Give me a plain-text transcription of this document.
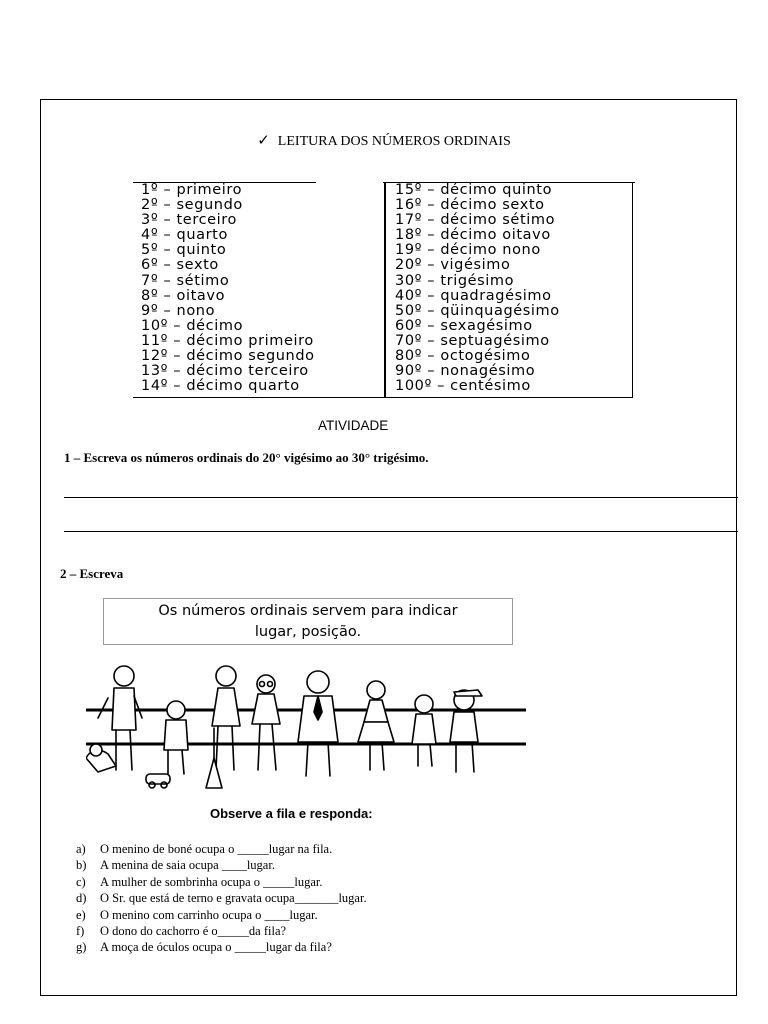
✓ LEITURA DOS NÚMEROS ORDINAIS
1º – primeiro
2º – segundo
3º – terceiro
4º – quarto
5º – quinto
6º – sexto
7º – sétimo
8º – oitavo
9º – nono
10º – décimo
11º – décimo primeiro
12º – décimo segundo
13º – décimo terceiro
14º – décimo quarto
15º – décimo quinto
16º – décimo sexto
17º – décimo sétimo
18º – décimo oitavo
19º – décimo nono
20º – vigésimo
30º – trigésimo
40º – quadragésimo
50º – qüinquagésimo
60º – sexagésimo
70º – septuagésimo
80º – octogésimo
90º – nonagésimo
100º – centésimo
ATIVIDADE
1 – Escreva os números ordinais do 20° vigésimo ao 30° trigésimo.
2 – Escreva
Os números ordinais servem para indicar
lugar, posição.
Observe a fila e responda:
a)	O menino de boné ocupa o _____lugar na fila.
b)	A menina de saia ocupa ____lugar.
c)	A mulher de sombrinha ocupa o _____lugar.
d)	O Sr. que está de terno e gravata ocupa_______lugar.
e)	O menino com carrinho ocupa o ____lugar.
f)	O dono do cachorro é o_____da fila?
g)	A moça de óculos ocupa o _____lugar da fila?
